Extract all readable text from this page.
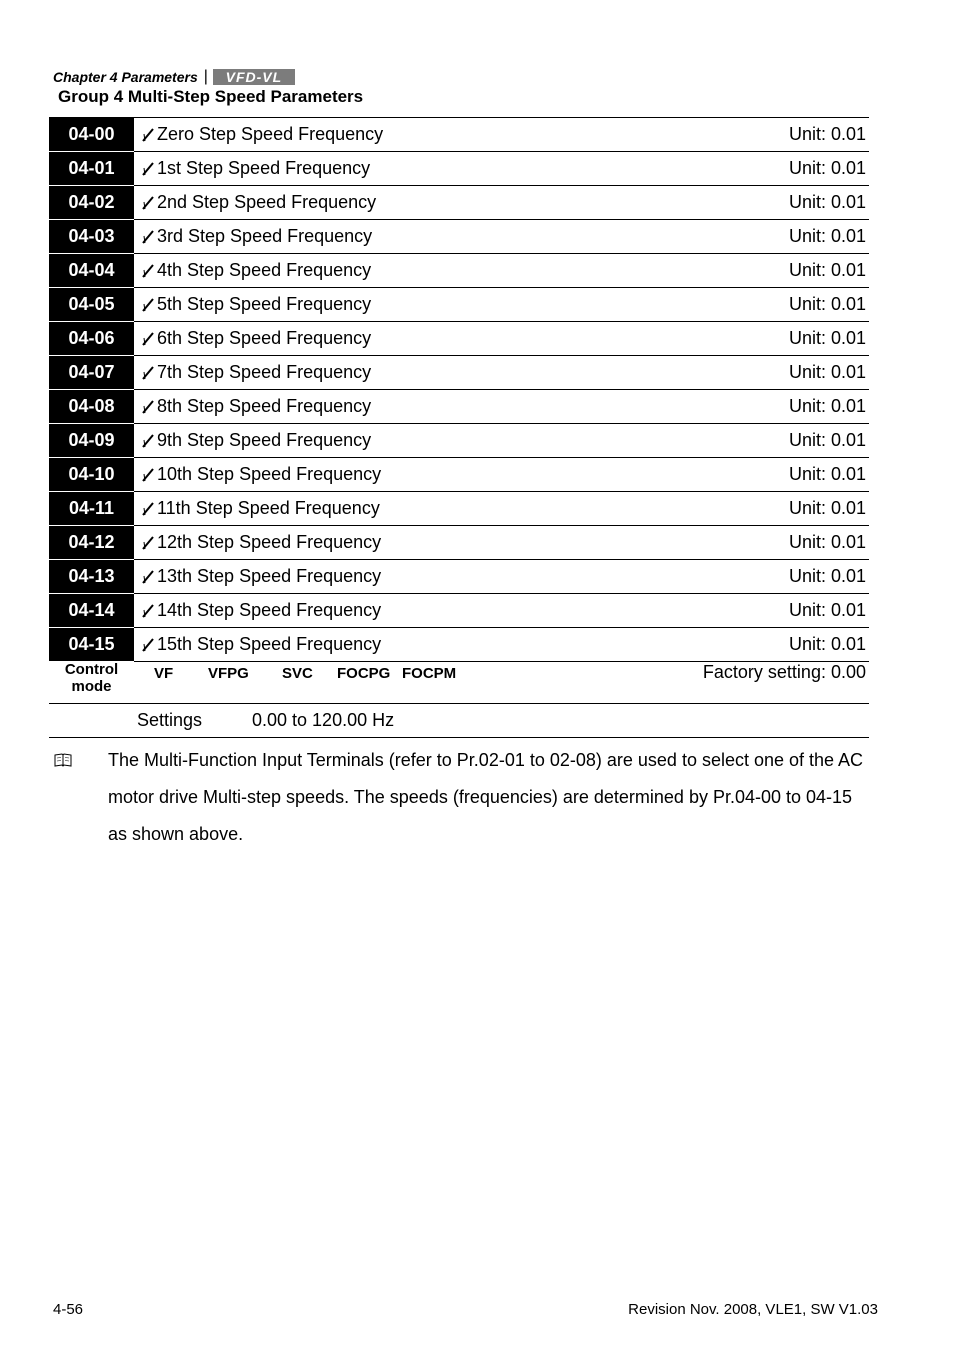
Chapter 4 Parameters |	VFD-VL
Group 4 Multi-Step Speed Parameters
04-00	Zero Step Speed Frequency	Unit: 0.01
04-01	1st Step Speed Frequency	Unit: 0.01
04-02	2nd Step Speed Frequency	Unit: 0.01
04-03	3rd Step Speed Frequency	Unit: 0.01
04-04	4th Step Speed Frequency	Unit: 0.01
04-05	5th Step Speed Frequency	Unit: 0.01
04-06	6th Step Speed Frequency	Unit: 0.01
04-07	7th Step Speed Frequency	Unit: 0.01
04-08	8th Step Speed Frequency	Unit: 0.01
04-09	9th Step Speed Frequency	Unit: 0.01
04-10	10th Step Speed Frequency	Unit: 0.01
04-11	11th Step Speed Frequency	Unit: 0.01
04-12	12th Step Speed Frequency	Unit: 0.01
04-13	13th Step Speed Frequency	Unit: 0.01
04-14	14th Step Speed Frequency	Unit: 0.01
04-15	15th Step Speed Frequency	Unit: 0.01
Control
mode
VF VFPG SVC FOCPG FOCPM	Factory setting: 0.00
Settings	0.00 to 120.00 Hz
The Multi-Function Input Terminals (refer to Pr.02-01 to 02-08) are used to select one of the AC motor drive Multi-step speeds. The speeds (frequencies) are determined by Pr.04-00 to 04-15 as shown above.
4-56	Revision Nov. 2008, VLE1, SW V1.03
